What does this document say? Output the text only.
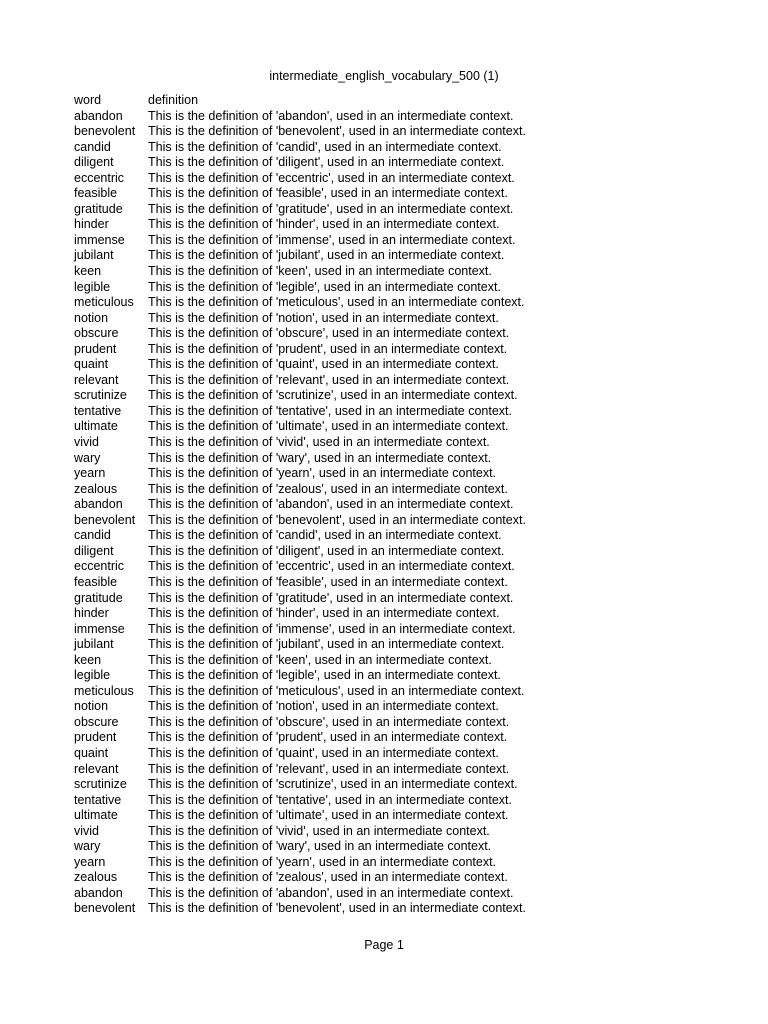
intermediate_english_vocabulary_500 (1)
word	definition
abandon	This is the definition of 'abandon', used in an intermediate context.
benevolent	This is the definition of 'benevolent', used in an intermediate context.
candid	This is the definition of 'candid', used in an intermediate context.
diligent	This is the definition of 'diligent', used in an intermediate context.
eccentric	This is the definition of 'eccentric', used in an intermediate context.
feasible	This is the definition of 'feasible', used in an intermediate context.
gratitude	This is the definition of 'gratitude', used in an intermediate context.
hinder	This is the definition of 'hinder', used in an intermediate context.
immense	This is the definition of 'immense', used in an intermediate context.
jubilant	This is the definition of 'jubilant', used in an intermediate context.
keen	This is the definition of 'keen', used in an intermediate context.
legible	This is the definition of 'legible', used in an intermediate context.
meticulous	This is the definition of 'meticulous', used in an intermediate context.
notion	This is the definition of 'notion', used in an intermediate context.
obscure	This is the definition of 'obscure', used in an intermediate context.
prudent	This is the definition of 'prudent', used in an intermediate context.
quaint	This is the definition of 'quaint', used in an intermediate context.
relevant	This is the definition of 'relevant', used in an intermediate context.
scrutinize	This is the definition of 'scrutinize', used in an intermediate context.
tentative	This is the definition of 'tentative', used in an intermediate context.
ultimate	This is the definition of 'ultimate', used in an intermediate context.
vivid	This is the definition of 'vivid', used in an intermediate context.
wary	This is the definition of 'wary', used in an intermediate context.
yearn	This is the definition of 'yearn', used in an intermediate context.
zealous	This is the definition of 'zealous', used in an intermediate context.
abandon	This is the definition of 'abandon', used in an intermediate context.
benevolent	This is the definition of 'benevolent', used in an intermediate context.
candid	This is the definition of 'candid', used in an intermediate context.
diligent	This is the definition of 'diligent', used in an intermediate context.
eccentric	This is the definition of 'eccentric', used in an intermediate context.
feasible	This is the definition of 'feasible', used in an intermediate context.
gratitude	This is the definition of 'gratitude', used in an intermediate context.
hinder	This is the definition of 'hinder', used in an intermediate context.
immense	This is the definition of 'immense', used in an intermediate context.
jubilant	This is the definition of 'jubilant', used in an intermediate context.
keen	This is the definition of 'keen', used in an intermediate context.
legible	This is the definition of 'legible', used in an intermediate context.
meticulous	This is the definition of 'meticulous', used in an intermediate context.
notion	This is the definition of 'notion', used in an intermediate context.
obscure	This is the definition of 'obscure', used in an intermediate context.
prudent	This is the definition of 'prudent', used in an intermediate context.
quaint	This is the definition of 'quaint', used in an intermediate context.
relevant	This is the definition of 'relevant', used in an intermediate context.
scrutinize	This is the definition of 'scrutinize', used in an intermediate context.
tentative	This is the definition of 'tentative', used in an intermediate context.
ultimate	This is the definition of 'ultimate', used in an intermediate context.
vivid	This is the definition of 'vivid', used in an intermediate context.
wary	This is the definition of 'wary', used in an intermediate context.
yearn	This is the definition of 'yearn', used in an intermediate context.
zealous	This is the definition of 'zealous', used in an intermediate context.
abandon	This is the definition of 'abandon', used in an intermediate context.
benevolent	This is the definition of 'benevolent', used in an intermediate context.
Page 1
